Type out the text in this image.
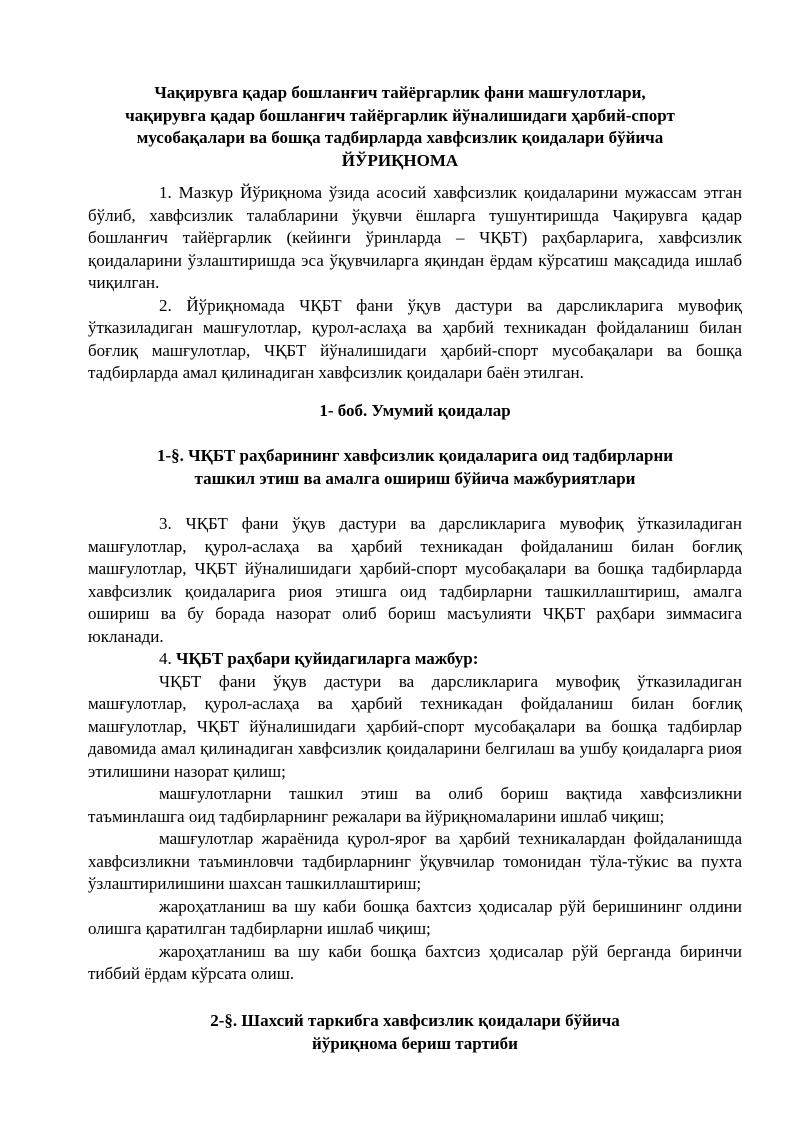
Чақирувга қадар бошланғич тайёргарлик фани машғулотлари,
чақирувга қадар бошланғич тайёргарлик йўналишидаги ҳарбий-спорт
мусобақалари ва бошқа тадбирларда хавфсизлик қоидалари бўйича
ЙЎРИҚНОМА

1. Мазкур Йўриқнома ўзида асосий хавфсизлик қоидаларини мужассам этган бўлиб, хавфсизлик талабларини ўқувчи ёшларга тушунтиришда Чақирувга қадар бошланғич тайёргарлик (кейинги ўринларда – ЧҚБТ) раҳбарларига, хавфсизлик қоидаларини ўзлаштиришда эса ўқувчиларга яқиндан ёрдам кўрсатиш мақсадида ишлаб чиқилган.

2. Йўриқномада ЧҚБТ фани ўқув дастури ва дарсликларига мувофиқ ўтказиладиган машғулотлар, қурол-аслаҳа ва ҳарбий техникадан фойдаланиш билан боғлиқ машғулотлар, ЧҚБТ йўналишидаги ҳарбий-спорт мусобақалари ва бошқа тадбирларда амал қилинадиган хавфсизлик қоидалари баён этилган.

1- боб. Умумий қоидалар
1-§. ЧҚБТ раҳбарининг хавфсизлик қоидаларига оид тадбирларни
ташкил этиш ва амалга ошириш бўйича мажбуриятлари

3. ЧҚБТ фани ўқув дастури ва дарсликларига мувофиқ ўтказиладиган машғулотлар, қурол-аслаҳа ва ҳарбий техникадан фойдаланиш билан боғлиқ машғулотлар, ЧҚБТ йўналишидаги ҳарбий-спорт мусобақалари ва бошқа тадбирларда хавфсизлик қоидаларига риоя этишга оид тадбирларни ташкиллаштириш, амалга ошириш ва бу борада назорат олиб бориш масъулияти ЧҚБТ раҳбари зиммасига юкланади.

4. ЧҚБТ раҳбари қуйидагиларга мажбур:

ЧҚБТ фани ўқув дастури ва дарсликларига мувофиқ ўтказиладиган машғулотлар, қурол-аслаҳа ва ҳарбий техникадан фойдаланиш билан боғлиқ машғулотлар, ЧҚБТ йўналишидаги ҳарбий-спорт мусобақалари ва бошқа тадбирлар давомида амал қилинадиган хавфсизлик қоидаларини белгилаш ва ушбу қоидаларга риоя этилишини назорат қилиш;

машғулотларни ташкил этиш ва олиб бориш вақтида хавфсизликни таъминлашга оид тадбирларнинг режалари ва йўриқномаларини ишлаб чиқиш;

машғулотлар жараёнида қурол-яроғ ва ҳарбий техникалардан фойдаланишда хавфсизликни таъминловчи тадбирларнинг ўқувчилар томонидан тўла-тўкис ва пухта ўзлаштирилишини шахсан ташкиллаштириш;

жароҳатланиш ва шу каби бошқа бахтсиз ҳодисалар рўй беришининг олдини олишга қаратилган тадбирларни ишлаб чиқиш;

жароҳатланиш ва шу каби бошқа бахтсиз ҳодисалар рўй берганда биринчи тиббий ёрдам кўрсата олиш.

2-§. Шахсий таркибга хавфсизлик қоидалари бўйича
йўриқнома бериш тартиби
